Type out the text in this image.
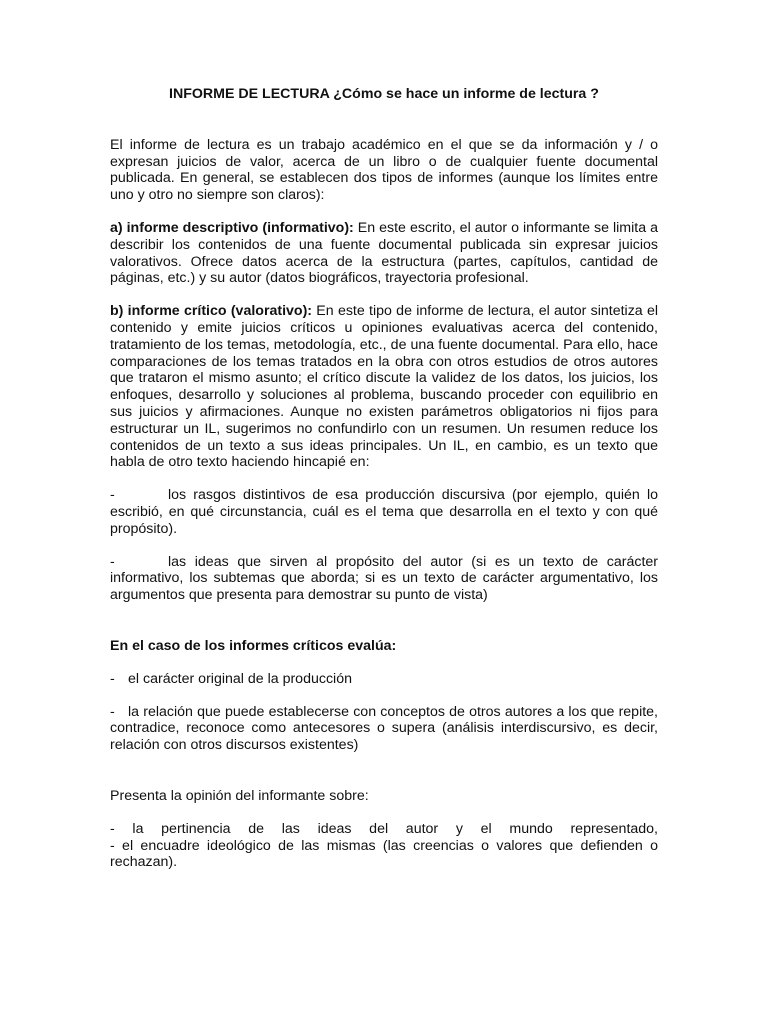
INFORME DE LECTURA ¿Cómo se hace un informe de lectura ?

El informe de lectura es un trabajo académico en el que se da información y / o expresan juicios de valor, acerca de un libro o de cualquier fuente documental publicada. En general, se establecen dos tipos de informes (aunque los límites entre uno y otro no siempre son claros):

a) informe descriptivo (informativo): En este escrito, el autor o informante se limita a describir los contenidos de una fuente documental publicada sin expresar juicios valorativos. Ofrece datos acerca de la estructura (partes, capítulos, cantidad de páginas, etc.) y su autor (datos biográficos, trayectoria profesional.

b) informe crítico (valorativo): En este tipo de informe de lectura, el autor sintetiza el contenido y emite juicios críticos u opiniones evaluativas acerca del contenido, tratamiento de los temas, metodología, etc., de una fuente documental. Para ello, hace comparaciones de los temas tratados en la obra con otros estudios de otros autores que trataron el mismo asunto; el crítico discute la validez de los datos, los juicios, los enfoques, desarrollo y soluciones al problema, buscando proceder con equilibrio en sus juicios y afirmaciones. Aunque no existen parámetros obligatorios ni fijos para estructurar un IL, sugerimos no confundirlo con un resumen. Un resumen reduce los contenidos de un texto a sus ideas principales. Un IL, en cambio, es un texto que habla de otro texto haciendo hincapié en:

-	los rasgos distintivos de esa producción discursiva (por ejemplo, quién lo escribió, en qué circunstancia, cuál es el tema que desarrolla en el texto y con qué propósito).
-	las ideas que sirven al propósito del autor (si es un texto de carácter informativo, los subtemas que aborda; si es un texto de carácter argumentativo, los argumentos que presenta para demostrar su punto de vista)
En el caso de los informes críticos evalúa:
- el carácter original de la producción
- la relación que puede establecerse con conceptos de otros autores a los que repite, contradice, reconoce como antecesores o supera (análisis interdiscursivo, es decir, relación con otros discursos existentes)

Presenta la opinión del informante sobre:

- la pertinencia de las ideas del autor y el mundo representado,
- el encuadre ideológico de las mismas (las creencias o valores que defienden o rechazan).
